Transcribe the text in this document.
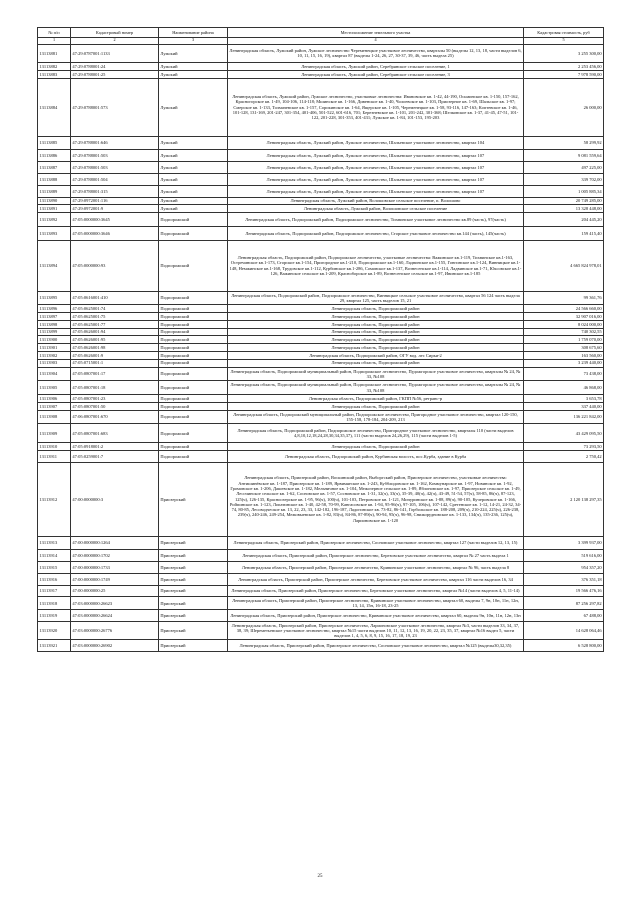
№ п/п	Кадастровый номер	Наименование района	Местоположение земельного участка	Кадастровая стоимость, руб
1	2	3	4	5
13113881	47:29:0787001:1133	Лужский	Ленинградская область, Лужский район, Лужское лесничество Череменецкое участковое лесничество, кварталы 50 (выделы 12, 13, 18, части выделов 6, 10, 11, 15, 16, 19), квартал 87 (выделы 1-24, 26, 27, 30-37, 39, 46, часть выдела 25)	3 255 300,00
13113882	47:29:0788001:24	Лужский	Ленинградская область, Лужский район, Серебрянское сельское поселение, 1	2 253 456,00
13113883	47:29:0788001:25	Лужский	Ленинградская область, Лужский район, Серебрянское сельское поселение, 3	7 978 590,00
13113884	47:29:0788001:573	Лужский	Ленинградская область, Лужский район, Лужское лесничество, участковые лесничества: Ивановское кв. 1-42, 44-190, Осьминское кв. 1-150, 157-162, Красногорское кв. 1-49, 104-106, 114-118; Мшинское кв. 1-166, Дивенское кв. 1-40, Чолоевское кв. 1-103, Приозерное кв. 1-69, Шальское кв. 1-97; Смерское кв. 1-133, Толмачевское кв. 1-157, Сорокинское кв. 1-64, Ящерское кв. 1-105, Череменецкое кв. 1-58, 93-116, 147-163; Коптевское кв. 1-46, 101-128, 131-169, 201-247, 301-354, 401-406, 501-522, 601-616, 701; Березневское кв. 1-101, 201-242, 301-368; Шелковское кв. 1-37, 41-45, 47-51, 101-122, 201-228, 301-353, 401-431; Лужское кв. 1-84, 101-153, 195-203	26 000,00
13113885	47:29:0788001:646	Лужский	Ленинградская область, Лужский район, Лужское лесничество, Шальевское участковое лесничество, квартал 104	58 299,92
13113886	47:29:0788001:503	Лужский	Ленинградская область, Лужский район, Лужское лесничество, Шальевское участковое лесничество, квартал 107	9 081 559,64
13113887	47:29:0788001:503	Лужский	Ленинградская область, Лужский район, Лужское лесничество, Шальевское участковое лесничество, квартал 107	497 225,00
13113888	47:29:0788001:504	Лужский	Ленинградская область, Лужский район, Лужское лесничество, Шальевское участковое лесничество, квартал 107	339 702,00
13113889	47:29:0788001:315	Лужский	Ленинградская область, Лужский район, Лужское лесничество, Шальевское участковое лесничество, квартал 107	1 005 885,34
13113890	47:29:0972001:116	Лужский	Ленинградская область, Лужский район, Волошовское сельское поселение, п. Волошово	20 749 285,00
13113891	47:29:0972001:9	Лужский	Ленинградская область, Лужский район, Волошовское сельское поселение	13 328 448,00
13113892	47:05:0000000:3645	Подпорожский	Ленинградская область, Подпорожский район, Подпорожское лесничество, Тихвинское участковое лесничество кв.89 (часть), 97(часть)	204 445,20
13113893	47:05:0000000:3646	Подпорожский	Ленинградская область, Подпорожский район, Подпорожское лесничество, Сторское участковое лесничество кв.144 (часть), 145(часть)	159 415,40
13113894	47:05:0000000:93	Подпорожский	Ленинградская область, Подпорожский район, Подпорожское лесничество, участковые лесничества: Важинское кв.1-119, Тихвинское кв.1-163, Остречинское кв.1-173, Сторское кв.1-154, Пригородное кв.1-210, Подпорожское кв.1-160, Ладвинское кв.1-155, Гонгинское кв.1-124, Винницкое кв.1-148, Немжинское кв.1-168, Трудовское кв.1-112, Курбинское кв.1-286, Сомовское кв.1-137, Вознесенское кв.1-114, Ладвинское кв.1-71, Юксовское кв.1-126, Важинское сельское кв.1-209, Красноборское кв.1-89, Вознесенское сельское кв.1-97, Ивинское кв.1-185	4 665 824 978,01
13113895	47:05:0616001:410	Подпорожский	Ленинградская область, Подпорожский район, Подпорожское лесничество, Винницкое сельское участковое лесничество, квартал 56 124 часть выдела 29, квартал 125, часть выделов 15, 21	99 361,76
13113896	47:05:0625001:74	Подпорожский	Ленинградская область, Подпорожский район	24 566 660,00
13113897	47:05:0625001:75	Подпорожский	Ленинградская область, Подпорожский район	32 907 016,00
13113898	47:05:0625001:77	Подпорожский	Ленинградская область, Подпорожский район	8 024 000,00
13113899	47:05:0626001:94	Подпорожский	Ленинградская область, Подпорожский район	740 302,55
13113900	47:05:0626001:95	Подпорожский	Ленинградская область, Подпорожский район	1 759 070,00
13113901	47:05:0626001:98	Подпорожский	Ленинградская область, Подпорожский район	308 675,60
13113902	47:05:0626001:9	Подпорожский	Ленинградская область, Подпорожский район, ОГУ вод. лес Сирьи-2	163 560,00
13113903	47:05:0715001:1	Подпорожский	Ленинградская область, Подпорожский район	3 239 440,00
13113904	47:05:0807001:17	Подпорожский	Ленинградская область, Подпорожский муниципальный район, Подпорожское лесничество, Пудожгорское участковое лесничество, кварталы № 24, № 33, №108	73 438,00
13113905	47:05:0807001:18	Подпорожский	Ленинградская область, Подпорожский муниципальный район, Подпорожское лесничество, Пудожгорское участковое лесничество, кварталы № 24, № 33, №108	46 868,00
13113906	47:05:0807001:23	Подпорожский	Ленинградская область, Подпорожский район, ГКПП №56, ретранс-р	3 653,78
13113907	47:05:0807001:50	Подпорожский	Ленинградская область, Подпорожский район	337 440,00
13113908	47:06:0807001:670	Подпорожский	Ленинградская область, Подпорожский муниципальный район, Подпорожское лесничество, Пригородное участковое лесничество, квартал 120-150, 155-158, 178-184, 204-209, 213	136 221 842,00
13113909	47:05:0807001:683	Подпорожский	Ленинградская область, Подпорожский район, Подпорожское лесничество, Пригородное участковое лесничество, кварталы 110 (части выделов 4,8,10,12,18,24,28,30,34,35,37), 111 (части выделов 24,26,29), 115 (части выделов 1-5)	43 429 095,50
13113910	47:05:0918001:2	Подпорожский	Ленинградская область, Подпорожский район	73 293,50
13113911	47:05:0259001:7	Подпорожский	Ленинградская область, Подпорожский район, Курбинская волость, пос.Курба, здание в Курба	2 750,42
13113912	47:00:0000000:3	Приозерский	Ленинградская область, Приозерский район, Воскинский район, Выборгский район, Приозерское лесничество, участковые лесничества: Антишинёвское кв. 1-187, Приозерское кв. 1-189, Ярвимяеское кв. 1-243, Кубблидовское кв. 1-162, Коммунарское кв. 1-97, Новинское кв. 1-92, Громовское кв. 1-206, Дашевское кв. 1-182, Мельничное кв. 1-104, Межозерное сельское кв. 1-89, Яблоновское кв. 1-97, Приозерское сельское кв. 1-49, Лесочинское сельское кв. 1-62, Сосновское кв. 1-57, Сосновское кв. 1-31, 32(ч), 33(ч), 35-39, 40(ч), 42(ч), 43-49, 51-54, 57(ч), 58-85, 86(ч), 87-123, 125(ч), 126-135, Красноозерское кв. 1-95, 96(ч), 100(ч), 101-103, Петровское кв. 1-121, Мичуринское кв. 1-88, 89(ч), 90-105, Кучеровское кв. 1-166, Ройпинское кв. 1-123, Лопатинское кв. 1-40, 42-58, 70-99, Кангасовское кв. 1-94, 95-96(ч), 97-105, 106(ч), 107-142, Сретенское кв. 1-12, 14-21, 24-32, 34-74, 80-85, Лесоводческое кв. 13, 22, 23, 33, 142-182, 196-187, Ладогинское кв. 73-82, 86-141, Горбольское кв. 188-208, 209(ч), 210-224, 225(ч), 226-238, 239(ч), 240-246, 249-254, Межовыевское кв. 1-82, 83(ч), 84-86, 87-89(ч), 90-94, 95(ч), 96-98, Снижорудновское кв. 1-133, 134(ч), 135-236, 125(ч), Ларионовское кв. 1-120	2 120 138 297,35
13113913	47:00:0000000:1264	Приозерский	Ленинградская область, Приозерский район, Приозерское лесничество, Сосновское участковое лесничество, квартал 127 (части выделов 12, 13, 15)	3 399 937,00
13113914	47:00:0000000:1702	Приозерский	Ленинградская область, Приозерский район, Приозерское лесничество, Березовское участковое лесничество, квартал № 27 часть выдела 1	519 616,00
13113915	47:00:0000000:1733	Приозерский	Ленинградская область, Приозерский район, Приозерское лесничество, Кривинское участковое лесничество, квартал № 96, часть выдела 8	954 357,20
13113916	47:00:0000000:1749	Приозерский	Ленинградская область, Приозерский район, Приозерское лесничество, Березовское участковое лесничество, квартал 116 части выделов 16, 34	376 351,18
13113917	47:00:0000000:25	Приозерский	Ленинградская область, Приозерский район, Приозерское лесничество, Березовское участковое лесничество, квартал №14 (части выделов 4, 5, 11-14)	19 566 476,16
13113918	47:03:0000000:26623	Приозерский	Ленинградская область, Приозерский район, Приозерское лесничество, Кривинское участковое лесничество, квартал 60, выделы 7, 9н, 10н, 11н, 12н, 13, 14, 15н, 16-18, 23-25	87 256 297,82
13113919	47:03:0000000:26624	Приозерский	Ленинградская область, Приозерский район, Приозерское лесничество, Кривинское участковое лесничество, квартал 60, выделы 9н, 10н, 11н, 12н, 13н	67 488,00
13113920	47:03:0000000:26776	Приозерский	Ленинградская область, Приозерский район, Приозерское лесничество, Ларионовское участковое лесничество, квартал №3, части выделов 33, 34, 37, 38, 39; Шереметьевское участковое лесничество, квартал №15 части выделов 10, 11, 12, 13, 16, 19, 20, 22, 23, 35, 37, квартал №16 выдел 5, части выделов 1, 4, 5, 6, 8, 9, 15, 16, 17, 18, 19, 23	14 628 064,46
13113921	47:03:0000000:26902	Приозерский	Ленинградская область, Приозерский район, Приозерское лесничество, Сосновское участковое лесничество, квартал №125 (выделы30,32,35)	6 528 800,00
25
